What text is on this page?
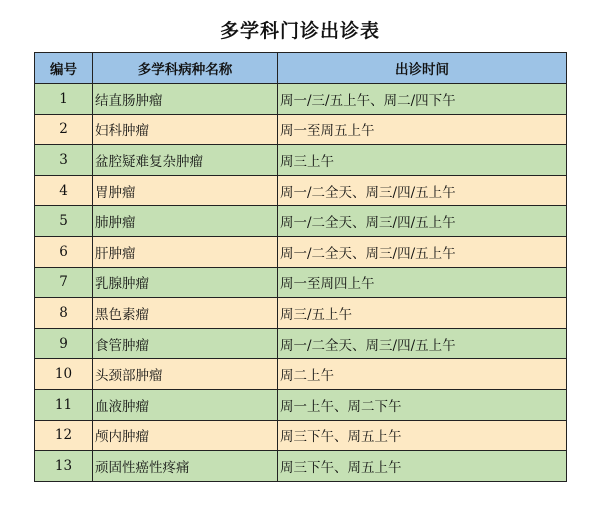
多学科门诊出诊表
编号	多学科病种名称	出诊时间
1	结直肠肿瘤	周一/三/五上午、周二/四下午
2	妇科肿瘤	周一至周五上午
3	盆腔疑难复杂肿瘤	周三上午
4	胃肿瘤	周一/二全天、周三/四/五上午
5	肺肿瘤	周一/二全天、周三/四/五上午
6	肝肿瘤	周一/二全天、周三/四/五上午
7	乳腺肿瘤	周一至周四上午
8	黑色素瘤	周三/五上午
9	食管肿瘤	周一/二全天、周三/四/五上午
10	头颈部肿瘤	周二上午
11	血液肿瘤	周一上午、周二下午
12	颅内肿瘤	周三下午、周五上午
13	顽固性癌性疼痛	周三下午、周五上午
